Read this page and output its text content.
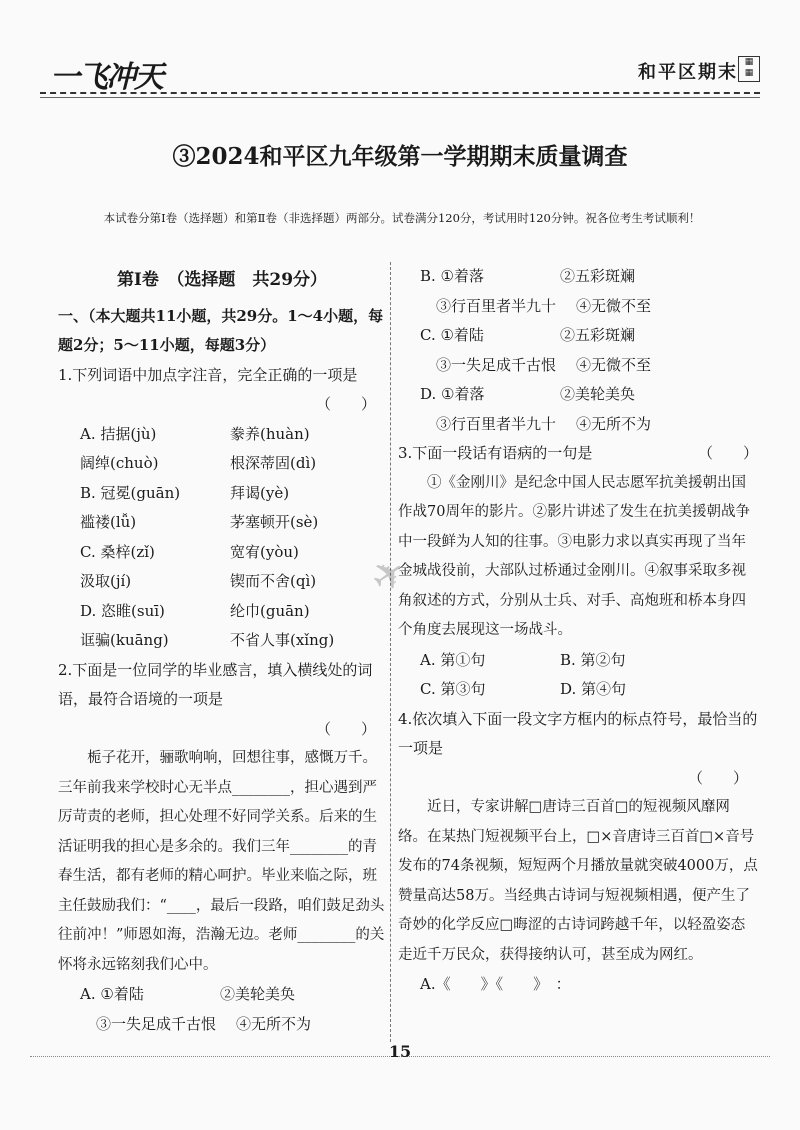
一飞冲天	和平区期末 ▦
▦
③2024和平区九年级第一学期期末质量调查
本试卷分第Ⅰ卷（选择题）和第Ⅱ卷（非选择题）两部分。试卷满分120分，考试用时120分钟。祝各位考生考试顺利！
第Ⅰ卷　（选择题　共29分）
一、（本大题共11小题，共29分。1～4小题，每题2分；5～11小题，每题3分）
1.下列词语中加点字注音，完全正确的一项是
（　　）
A. 拮据(jù)	豢养(huàn)
阔绰(chuò)	根深蒂固(dì)
B. 冠冕(guān)	拜谒(yè)
褴褛(lǚ)	茅塞顿开(sè)
C. 桑梓(zǐ)	宽宥(yòu)
汲取(jí)	锲而不舍(qì)
D. 恣睢(suī)	纶巾(guān)
诓骗(kuāng)	不省人事(xǐng)
2.下面是一位同学的毕业感言，填入横线处的词语，最符合语境的一项是
（　　）
栀子花开，骊歌响响，回想往事，感慨万千。三年前我来学校时心无半点________，担心遇到严厉苛责的老师，担心处理不好同学关系。后来的生活证明我的担心是多余的。我们三年________的青春生活，都有老师的精心呵护。毕业来临之际，班主任鼓励我们：“____，最后一段路，咱们鼓足劲头往前冲！”师恩如海，浩瀚无边。老师________的关怀将永远铭刻我们心中。
A. ①着陆	②美轮美奂
③一失足成千古恨	④无所不为
B. ①着落	②五彩斑斓
③行百里者半九十	④无微不至
C. ①着陆	②五彩斑斓
③一失足成千古恨	④无微不至
D. ①着落	②美轮美奂
③行百里者半九十	④无所不为
3.下面一段话有语病的一句是	（　　）
①《金刚川》是纪念中国人民志愿军抗美援朝出国作战70周年的影片。②影片讲述了发生在抗美援朝战争中一段鲜为人知的往事。③电影力求以真实再现了当年金城战役前，大部队过桥通过金刚川。④叙事采取多视角叙述的方式，分别从士兵、对手、高炮班和桥本身四个角度去展现这一场战斗。
A. 第①句	B. 第②句
C. 第③句	D. 第④句
4.依次填入下面一段文字方框内的标点符号，最恰当的一项是
（　　）
近日，专家讲解□唐诗三百首□的短视频风靡网络。在某热门短视频平台上，□×音唐诗三百首□×音号发布的74条视频，短短两个月播放量就突破4000万，点赞量高达58万。当经典古诗词与短视频相遇，便产生了奇妙的化学反应□晦涩的古诗词跨越千年，以轻盈姿态走近千万民众，获得接纳认可，甚至成为网红。
A.《　　》《　　》　：
✈
15
